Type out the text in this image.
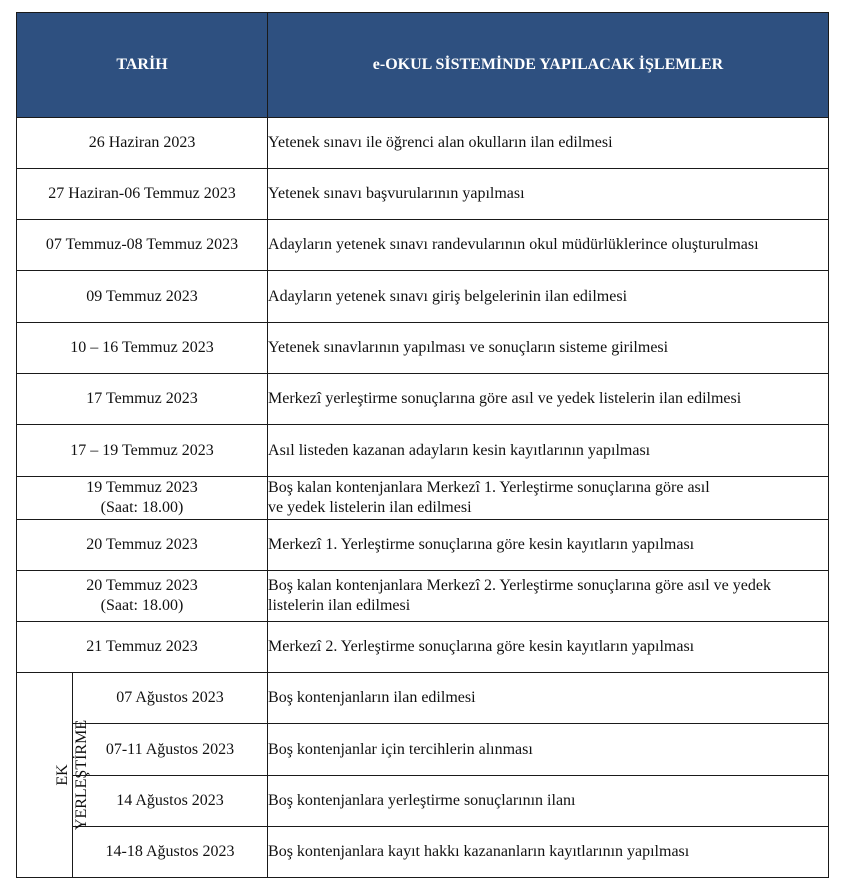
TARİH		e-OKUL SİSTEMİNDE YAPILACAK İŞLEMLER
26 Haziran 2023		Yetenek sınavı ile öğrenci alan okulların ilan edilmesi
27 Haziran-06 Temmuz 2023		Yetenek sınavı başvurularının yapılması
07 Temmuz-08 Temmuz 2023		Adayların yetenek sınavı randevularının okul müdürlüklerince oluşturulması
09 Temmuz 2023		Adayların yetenek sınavı giriş belgelerinin ilan edilmesi
10 – 16 Temmuz 2023		Yetenek sınavlarının yapılması ve sonuçların sisteme girilmesi
17 Temmuz 2023		Merkezî yerleştirme sonuçlarına göre asıl ve yedek listelerin ilan edilmesi
17 – 19 Temmuz 2023		Asıl listeden kazanan adayların kesin kayıtlarının yapılması

19 Temmuz 2023
(Saat: 18.00)		Boş kalan kontenjanlara Merkezî 1. Yerleştirme sonuçlarına göre asıl
ve yedek listelerin ilan edilmesi

20 Temmuz 2023		Merkezî 1. Yerleştirme sonuçlarına göre kesin kayıtların yapılması

20 Temmuz 2023
(Saat: 18.00)		Boş kalan kontenjanlara Merkezî 2. Yerleştirme sonuçlarına göre asıl ve yedek
listelerin ilan edilmesi

21 Temmuz 2023		Merkezî 2. Yerleştirme sonuçlarına göre kesin kayıtların yapılması

EK YERLEŞTİRME	07 Ağustos 2023	Boş kontenjanların ilan edilmesi
	07-11 Ağustos 2023	Boş kontenjanlar için tercihlerin alınması
	14 Ağustos 2023	Boş kontenjanlara yerleştirme sonuçlarının ilanı
	14-18 Ağustos 2023	Boş kontenjanlara kayıt hakkı kazananların kayıtlarının yapılması
